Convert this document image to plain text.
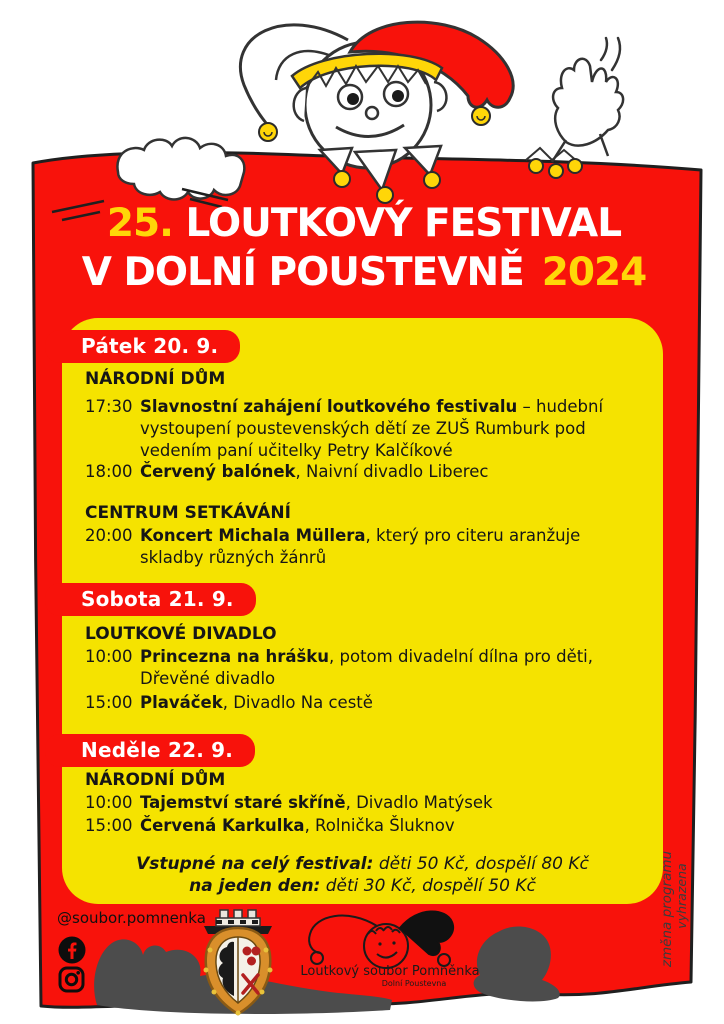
25. LOUTKOVÝ FESTIVAL
V DOLNÍ POUSTEVNĚ 2024
Pátek 20. 9.
NÁRODNÍ DŮM
17:30 Slavnostní zahájení loutkového festivalu – hudební vystoupení poustevenských dětí ze ZUŠ Rumburk pod vedením paní učitelky Petry Kalčíkové
18:00 Červený balónek, Naivní divadlo Liberec
CENTRUM SETKÁVÁNÍ
20:00 Koncert Michala Müllera, který pro citeru aranžuje skladby různých žánrů
Sobota 21. 9.
LOUTKOVÉ DIVADLO
10:00 Princezna na hrášku, potom divadelní dílna pro děti, Dřevěné divadlo
15:00 Plaváček, Divadlo Na cestě
Neděle 22. 9.
NÁRODNÍ DŮM
10:00 Tajemství staré skříně, Divadlo Matýsek
15:00 Červená Karkulka, Rolnička Šluknov
Vstupné na celý festival: děti 50 Kč, dospělí 80 Kč
na jeden den: děti 30 Kč, dospělí 50 Kč
@soubor.pomnenka
Loutkový soubor Pomněnka
Dolní Poustevna
změna programu vyhrazena
